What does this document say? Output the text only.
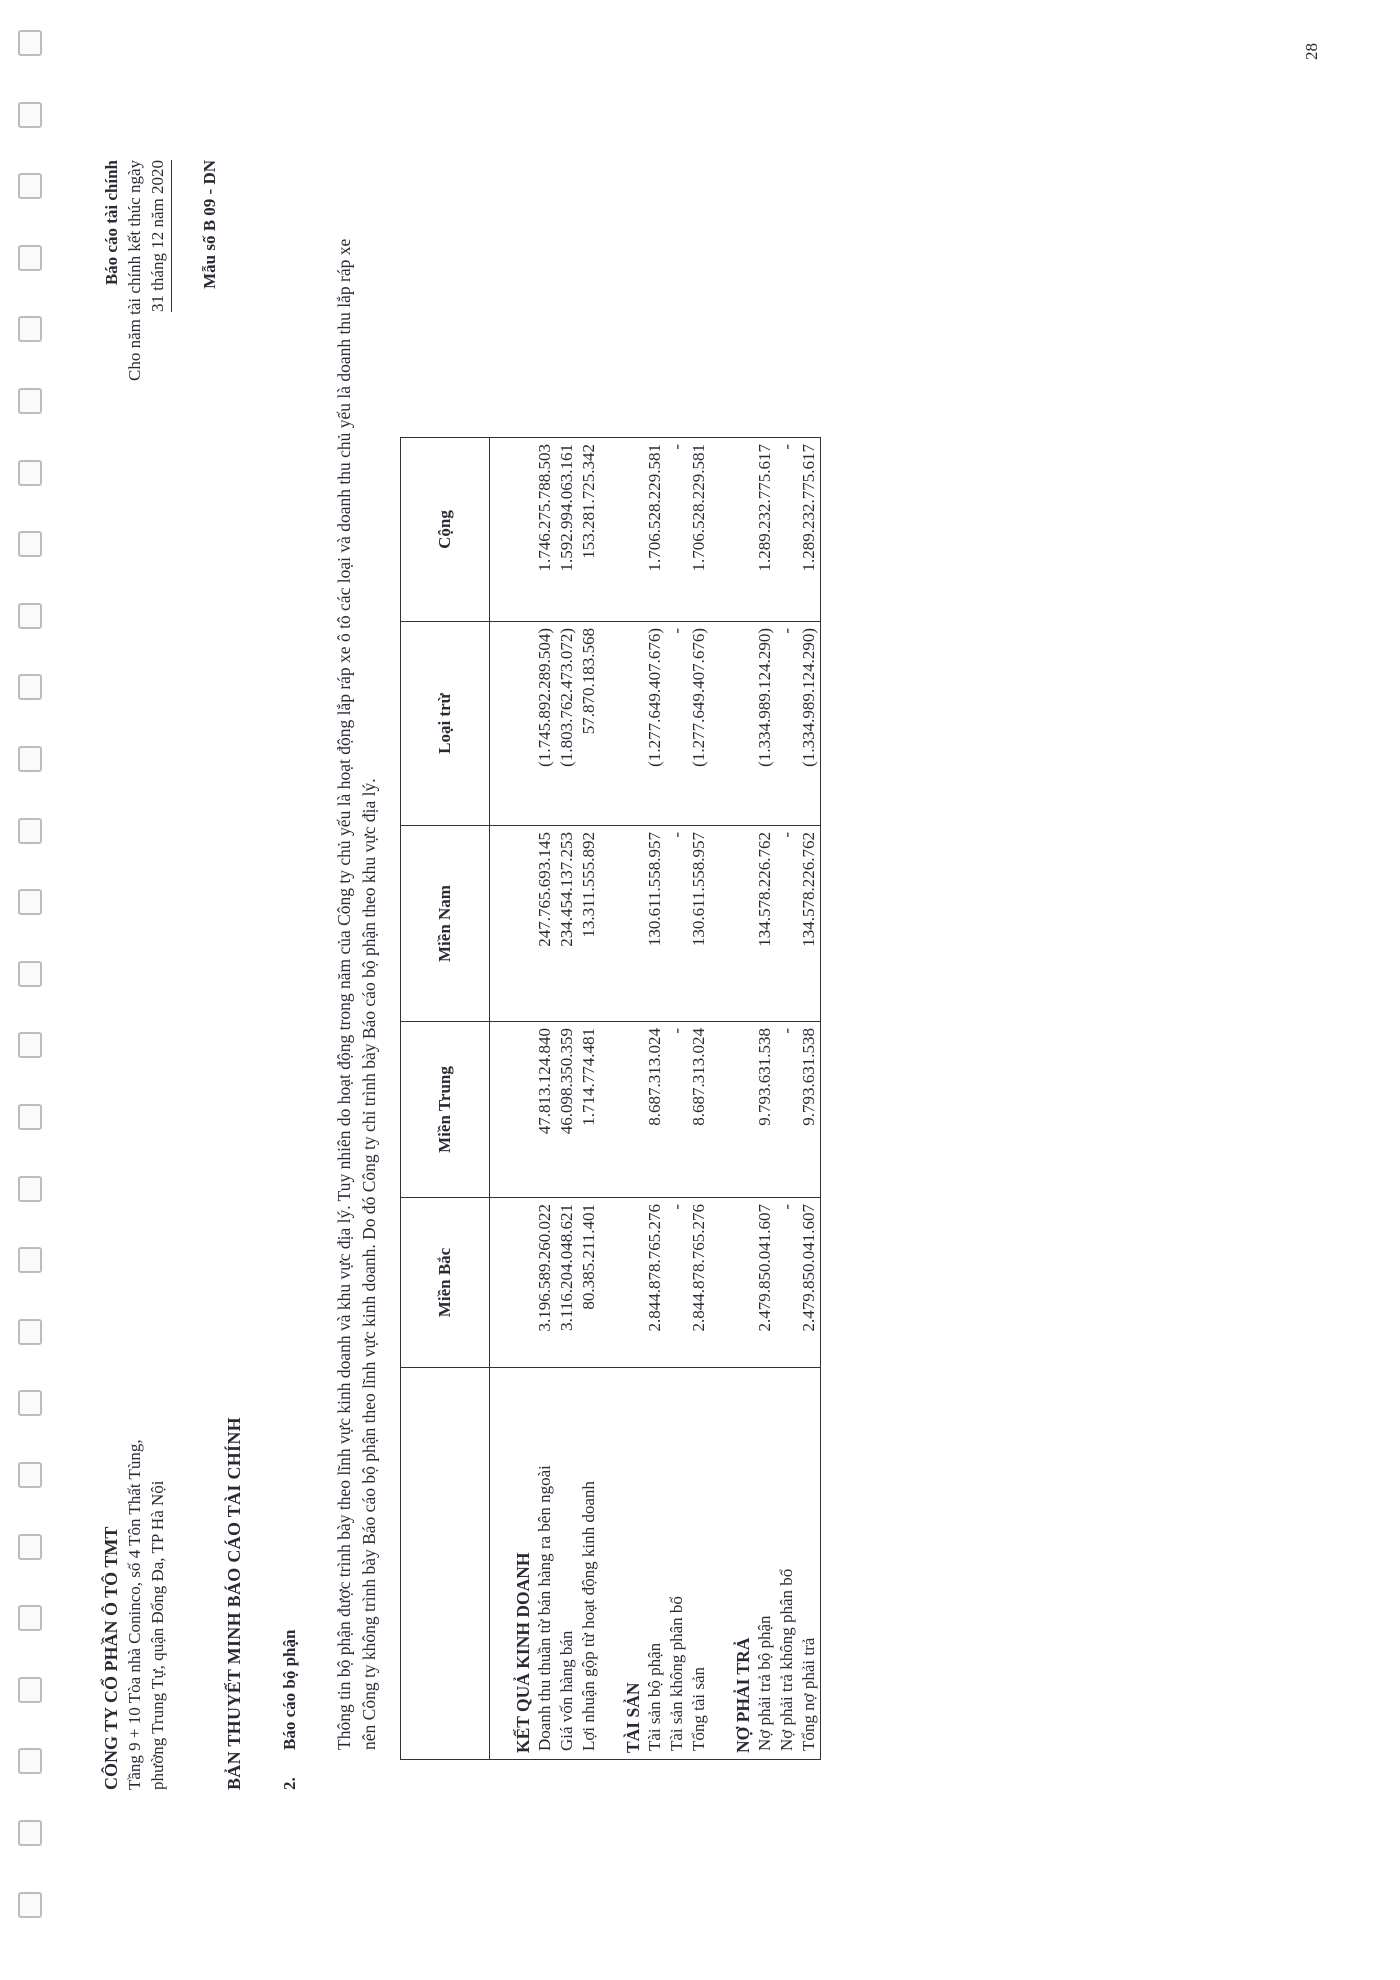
28
CÔNG TY CỔ PHẦN Ô TÔ TMT Tầng 9 + 10 Tòa nhà Coninco, số 4 Tôn Thất Tùng, phường Trung Tự, quận Đống Đa, TP Hà Nội
Báo cáo tài chính Cho năm tài chính kết thúc ngày 31 tháng 12 năm 2020 Mẫu số B 09 - DN
BẢN THUYẾT MINH BÁO CÁO TÀI CHÍNH 2.Báo cáo bộ phận Thông tin bộ phận được trình bày theo lĩnh vực kinh doanh và khu vực địa lý. Tuy nhiên do hoạt động trong năm của Công ty chủ yếu là hoạt động lắp ráp xe ô tô các loại và doanh thu chủ yếu là doanh thu lắp ráp xe nên Công ty không trình bày Báo cáo bộ phận theo lĩnh vực kinh doanh. Do đó Công ty chỉ trình bày Báo cáo bộ phận theo khu vực địa lý.
		Miền Bắc	Miền Trung	Miền Nam	Loại trừ	Cộng
KẾT QUẢ KINH DOANH					
Doanh thu thuần từ bán hàng ra bên ngoài	3.196.589.260.022	47.813.124.840	247.765.693.145	(1.745.892.289.504)	1.746.275.788.503
Giá vốn hàng bán	3.116.204.048.621	46.098.350.359	234.454.137.253	(1.803.762.473.072)	1.592.994.063.161
Lợi nhuận gộp từ hoạt động kinh doanh	80.385.211.401	1.714.774.481	13.311.555.892	57.870.183.568	153.281.725.342
TÀI SẢN					
Tài sản bộ phận	2.844.878.765.276	8.687.313.024	130.611.558.957	(1.277.649.407.676)	1.706.528.229.581
Tài sản không phân bổ	-	-	-	-	-
Tổng tài sản	2.844.878.765.276	8.687.313.024	130.611.558.957	(1.277.649.407.676)	1.706.528.229.581
NỢ PHẢI TRẢ					
Nợ phải trả bộ phận	2.479.850.041.607	9.793.631.538	134.578.226.762	(1.334.989.124.290)	1.289.232.775.617
Nợ phải trả không phân bổ	-	-	-	-	-
Tổng nợ phải trả	2.479.850.041.607	9.793.631.538	134.578.226.762	(1.334.989.124.290)	1.289.232.775.617
